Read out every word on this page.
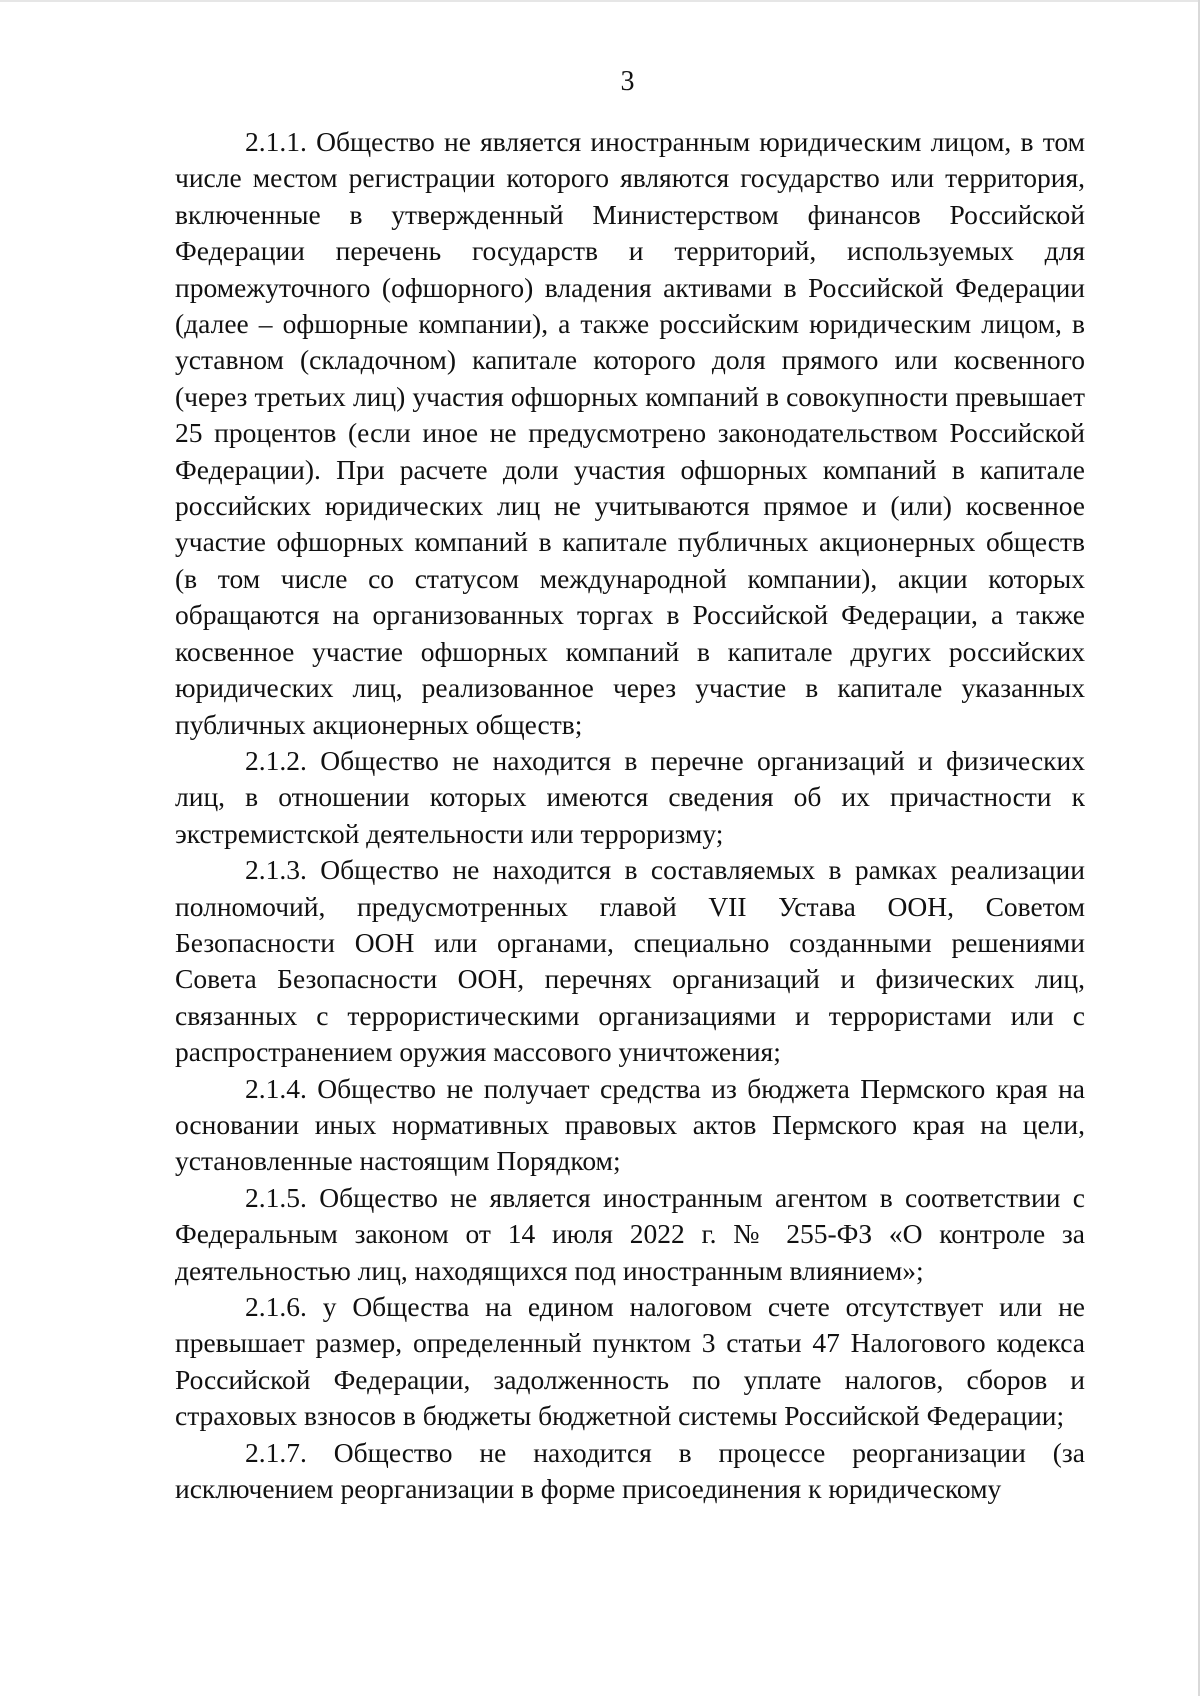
3

2.1.1. Общество не является иностранным юридическим лицом, в том числе местом регистрации которого являются государство или территория, включенные в утвержденный Министерством финансов Российской Федерации перечень государств и территорий, используемых для промежуточного (офшорного) владения активами в Российской Федерации (далее – офшорные компании), а также российским юридическим лицом, в уставном (складочном) капитале которого доля прямого или косвенного (через третьих лиц) участия офшорных компаний в совокупности превышает 25 процентов (если иное не предусмотрено законодательством Российской Федерации). При расчете доли участия офшорных компаний в капитале российских юридических лиц не учитываются прямое и (или) косвенное участие офшорных компаний в капитале публичных акционерных обществ (в том числе со статусом международной компании), акции которых обращаются на организованных торгах в Российской Федерации, а также косвенное участие офшорных компаний в капитале других российских юридических лиц, реализованное через участие в капитале указанных публичных акционерных обществ;

2.1.2. Общество не находится в перечне организаций и физических лиц, в отношении которых имеются сведения об их причастности к экстремистской деятельности или терроризму;

2.1.3. Общество не находится в составляемых в рамках реализации полномочий, предусмотренных главой VII Устава ООН, Советом Безопасности ООН или органами, специально созданными решениями Совета Безопасности ООН, перечнях организаций и физических лиц, связанных с террористическими организациями и террористами или с распространением оружия массового уничтожения;

2.1.4. Общество не получает средства из бюджета Пермского края на основании иных нормативных правовых актов Пермского края на цели, установленные настоящим Порядком;

2.1.5. Общество не является иностранным агентом в соответствии с Федеральным законом от 14 июля 2022 г. № 255-ФЗ «О контроле за деятельностью лиц, находящихся под иностранным влиянием»;

2.1.6. у Общества на едином налоговом счете отсутствует или не превышает размер, определенный пунктом 3 статьи 47 Налогового кодекса Российской Федерации, задолженность по уплате налогов, сборов и страховых взносов в бюджеты бюджетной системы Российской Федерации;

2.1.7. Общество не находится в процессе реорганизации (за исключением реорганизации в форме присоединения к юридическому
